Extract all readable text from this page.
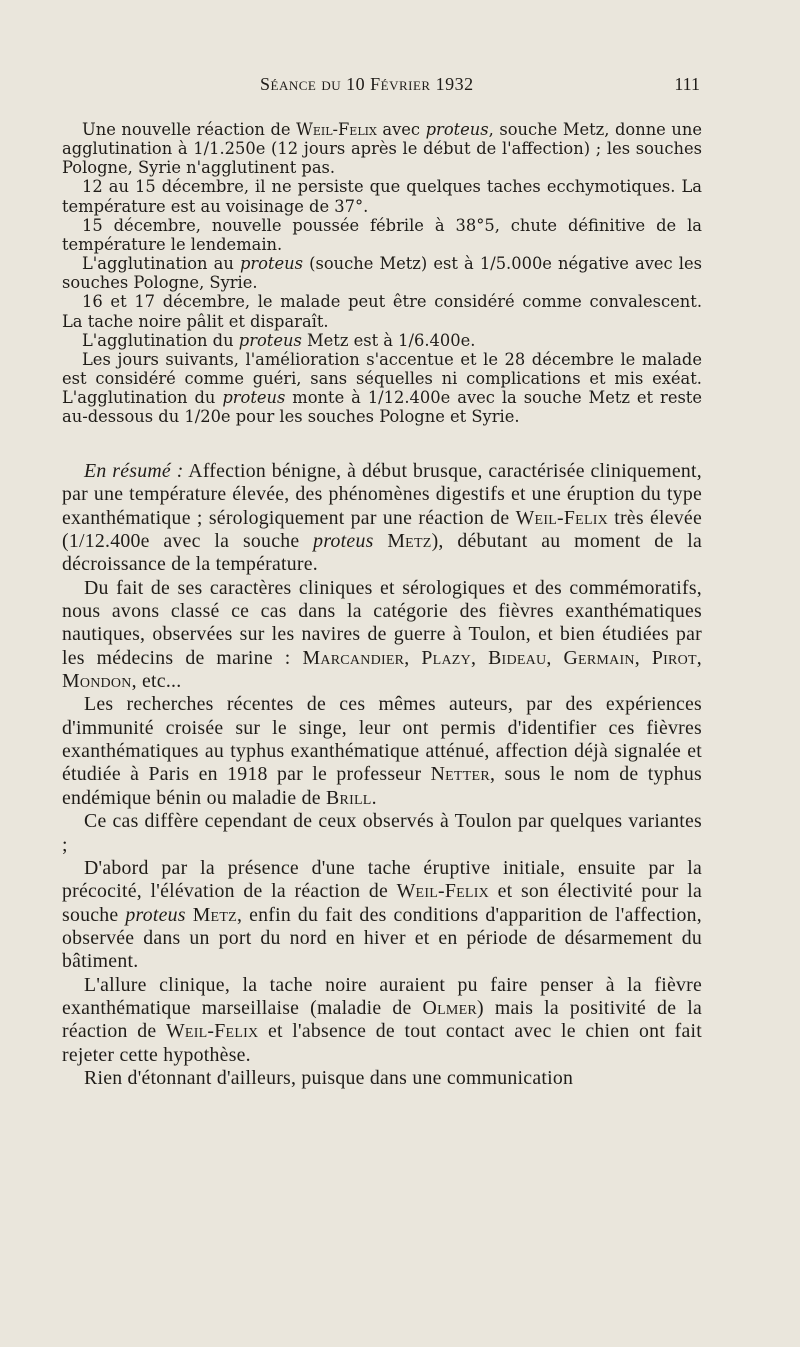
Séance du 10 Février 1932	111

Une nouvelle réaction de Weil-Felix avec proteus, souche Metz, donne une agglutination à 1/1.250e (12 jours après le début de l'affection) ; les souches Pologne, Syrie n'agglutinent pas.

12 au 15 décembre, il ne persiste que quelques taches ecchymotiques. La température est au voisinage de 37°.

15 décembre, nouvelle poussée fébrile à 38°5, chute définitive de la température le lendemain.

L'agglutination au proteus (souche Metz) est à 1/5.000e négative avec les souches Pologne, Syrie.

16 et 17 décembre, le malade peut être considéré comme convalescent. La tache noire pâlit et disparaît.

L'agglutination du proteus Metz est à 1/6.400e.

Les jours suivants, l'amélioration s'accentue et le 28 décembre le malade est considéré comme guéri, sans séquelles ni complications et mis exéat. L'agglutination du proteus monte à 1/12.400e avec la souche Metz et reste au-dessous du 1/20e pour les souches Pologne et Syrie.

En résumé : Affection bénigne, à début brusque, caractérisée cliniquement, par une température élevée, des phénomènes digestifs et une éruption du type exanthématique ; sérologiquement par une réaction de Weil-Felix très élevée (1/12.400e avec la souche proteus Metz), débutant au moment de la décroissance de la température.

Du fait de ses caractères cliniques et sérologiques et des commémoratifs, nous avons classé ce cas dans la catégorie des fièvres exanthématiques nautiques, observées sur les navires de guerre à Toulon, et bien étudiées par les médecins de marine : Marcandier, Plazy, Bideau, Germain, Pirot, Mondon, etc...

Les recherches récentes de ces mêmes auteurs, par des expériences d'immunité croisée sur le singe, leur ont permis d'identifier ces fièvres exanthématiques au typhus exanthématique atténué, affection déjà signalée et étudiée à Paris en 1918 par le professeur Netter, sous le nom de typhus endémique bénin ou maladie de Brill.

Ce cas diffère cependant de ceux observés à Toulon par quelques variantes ;

D'abord par la présence d'une tache éruptive initiale, ensuite par la précocité, l'élévation de la réaction de Weil-Felix et son électivité pour la souche proteus Metz, enfin du fait des conditions d'apparition de l'affection, observée dans un port du nord en hiver et en période de désarmement du bâtiment.

L'allure clinique, la tache noire auraient pu faire penser à la fièvre exanthématique marseillaise (maladie de Olmer) mais la positivité de la réaction de Weil-Felix et l'absence de tout contact avec le chien ont fait rejeter cette hypothèse.

Rien d'étonnant d'ailleurs, puisque dans une communication
